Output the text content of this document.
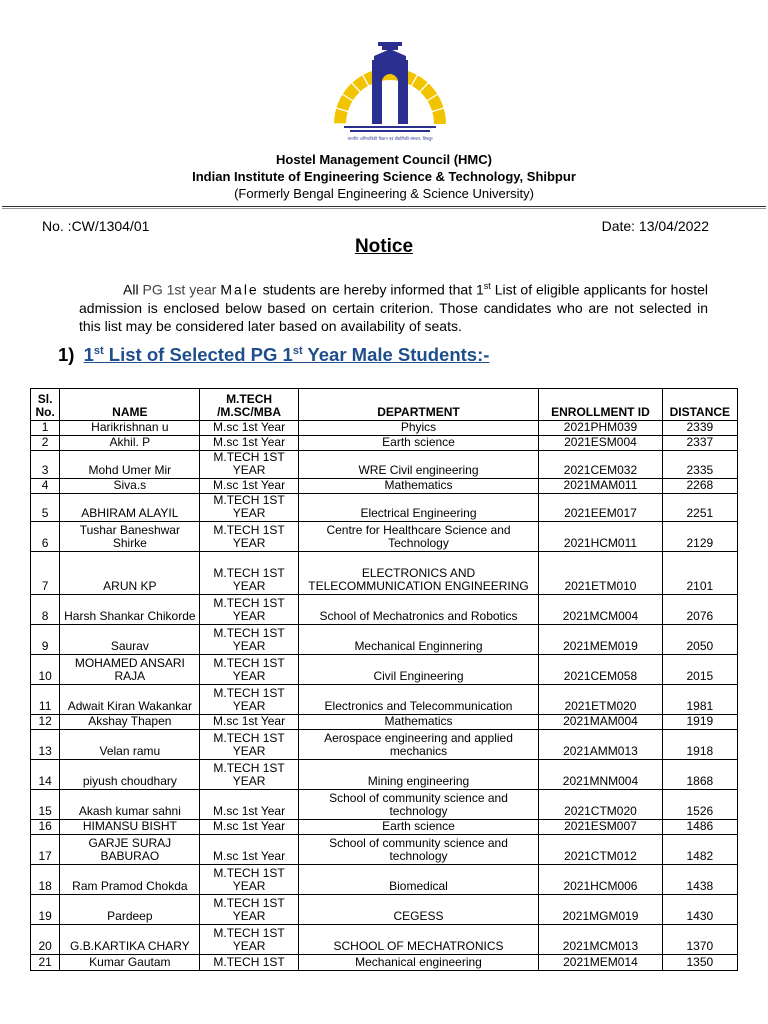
भारतीय अभियांत्रिकी विज्ञान एवं प्रौद्योगिकी संस्थान, शिबपुर
Hostel Management Council (HMC)
Indian Institute of Engineering Science & Technology, Shibpur
(Formerly Bengal Engineering & Science University)
No. :CW/1304/01	Date: 13/04/2022
Notice
All PG 1st year Male students are hereby informed that 1st List of eligible applicants for hostel admission is enclosed below based on certain criterion. Those candidates who are not selected in this list may be considered later based on availability of seats.
1) 1st List of Selected PG 1st Year Male Students:-
Sl. No.	NAME	M.TECH /M.SC/MBA	DEPARTMENT	ENROLLMENT ID	DISTANCE
1	Harikrishnan u	M.sc 1st Year	Phyics	2021PHM039	2339
2	Akhil. P	M.sc 1st Year	Earth science	2021ESM004	2337
3	Mohd Umer Mir	M.TECH 1ST YEAR	WRE Civil engineering	2021CEM032	2335
4	Siva.s	M.sc 1st Year	Mathematics	2021MAM011	2268
5	ABHIRAM ALAYIL	M.TECH 1ST YEAR	Electrical Engineering	2021EEM017	2251
6	Tushar Baneshwar Shirke	M.TECH 1ST YEAR	Centre for Healthcare Science and Technology	2021HCM011	2129
7	ARUN KP	M.TECH 1ST YEAR	ELECTRONICS AND TELECOMMUNICATION ENGINEERING	2021ETM010	2101
8	Harsh Shankar Chikorde	M.TECH 1ST YEAR	School of Mechatronics and Robotics	2021MCM004	2076
9	Saurav	M.TECH 1ST YEAR	Mechanical Enginnering	2021MEM019	2050
10	MOHAMED ANSARI RAJA	M.TECH 1ST YEAR	Civil Engineering	2021CEM058	2015
11	Adwait Kiran Wakankar	M.TECH 1ST YEAR	Electronics and Telecommunication	2021ETM020	1981
12	Akshay Thapen	M.sc 1st Year	Mathematics	2021MAM004	1919
13	Velan ramu	M.TECH 1ST YEAR	Aerospace engineering and applied mechanics	2021AMM013	1918
14	piyush choudhary	M.TECH 1ST YEAR	Mining engineering	2021MNM004	1868
15	Akash kumar sahni	M.sc 1st Year	School of community science and technology	2021CTM020	1526
16	HIMANSU BISHT	M.sc 1st Year	Earth science	2021ESM007	1486
17	GARJE SURAJ BABURAO	M.sc 1st Year	School of community science and technology	2021CTM012	1482
18	Ram Pramod Chokda	M.TECH 1ST YEAR	Biomedical	2021HCM006	1438
19	Pardeep	M.TECH 1ST YEAR	CEGESS	2021MGM019	1430
20	G.B.KARTIKA CHARY	M.TECH 1ST YEAR	SCHOOL OF MECHATRONICS	2021MCM013	1370
21	Kumar Gautam	M.TECH 1ST	Mechanical engineering	2021MEM014	1350
